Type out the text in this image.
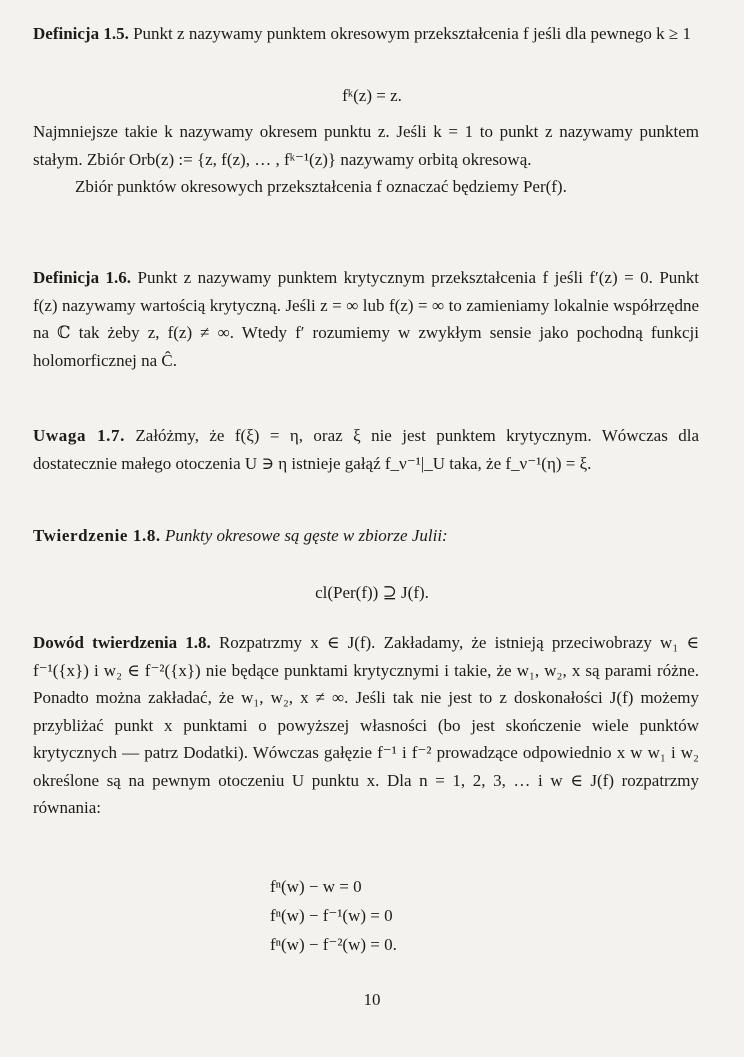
Definicja 1.5. Punkt z nazywamy punktem okresowym przekształcenia f jeśli dla pewnego k ≥ 1

fᵏ(z) = z.

Najmniejsze takie k nazywamy okresem punktu z. Jeśli k = 1 to punkt z nazywamy punktem stałym. Zbiór Orb(z) := {z, f(z), … , fᵏ⁻¹(z)} nazywamy orbitą okresową.

Zbiór punktów okresowych przekształcenia f oznaczać będziemy Per(f).

Definicja 1.6. Punkt z nazywamy punktem krytycznym przekształcenia f jeśli f′(z) = 0. Punkt f(z) nazywamy wartością krytyczną. Jeśli z = ∞ lub f(z) = ∞ to zamieniamy lokalnie współrzędne na ℂ tak żeby z, f(z) ≠ ∞. Wtedy f′ rozumiemy w zwykłym sensie jako pochodną funkcji holomorficznej na Ĉ.

Uwaga 1.7. Załóżmy, że f(ξ) = η, oraz ξ nie jest punktem krytycznym. Wówczas dla dostatecznie małego otoczenia U ∋ η istnieje gałąź f_ν⁻¹|_U taka, że f_ν⁻¹(η) = ξ.

Twierdzenie 1.8. Punkty okresowe są gęste w zbiorze Julii:

cl(Per(f)) ⊇ J(f).

Dowód twierdzenia 1.8. Rozpatrzmy x ∈ J(f). Zakładamy, że istnieją przeciwobrazy w₁ ∈ f⁻¹({x}) i w₂ ∈ f⁻²({x}) nie będące punktami krytycznymi i takie, że w₁, w₂, x są parami różne. Ponadto można zakładać, że w₁, w₂, x ≠ ∞. Jeśli tak nie jest to z doskonałości J(f) możemy przybliżać punkt x punktami o powyższej własności (bo jest skończenie wiele punktów krytycznych — patrz Dodatki). Wówczas gałęzie f⁻¹ i f⁻² prowadzące odpowiednio x w w₁ i w₂ określone są na pewnym otoczeniu U punktu x. Dla n = 1, 2, 3, … i w ∈ J(f) rozpatrzmy równania:

fⁿ(w) − w = 0
fⁿ(w) − f⁻¹(w) = 0
fⁿ(w) − f⁻²(w) = 0.
10
